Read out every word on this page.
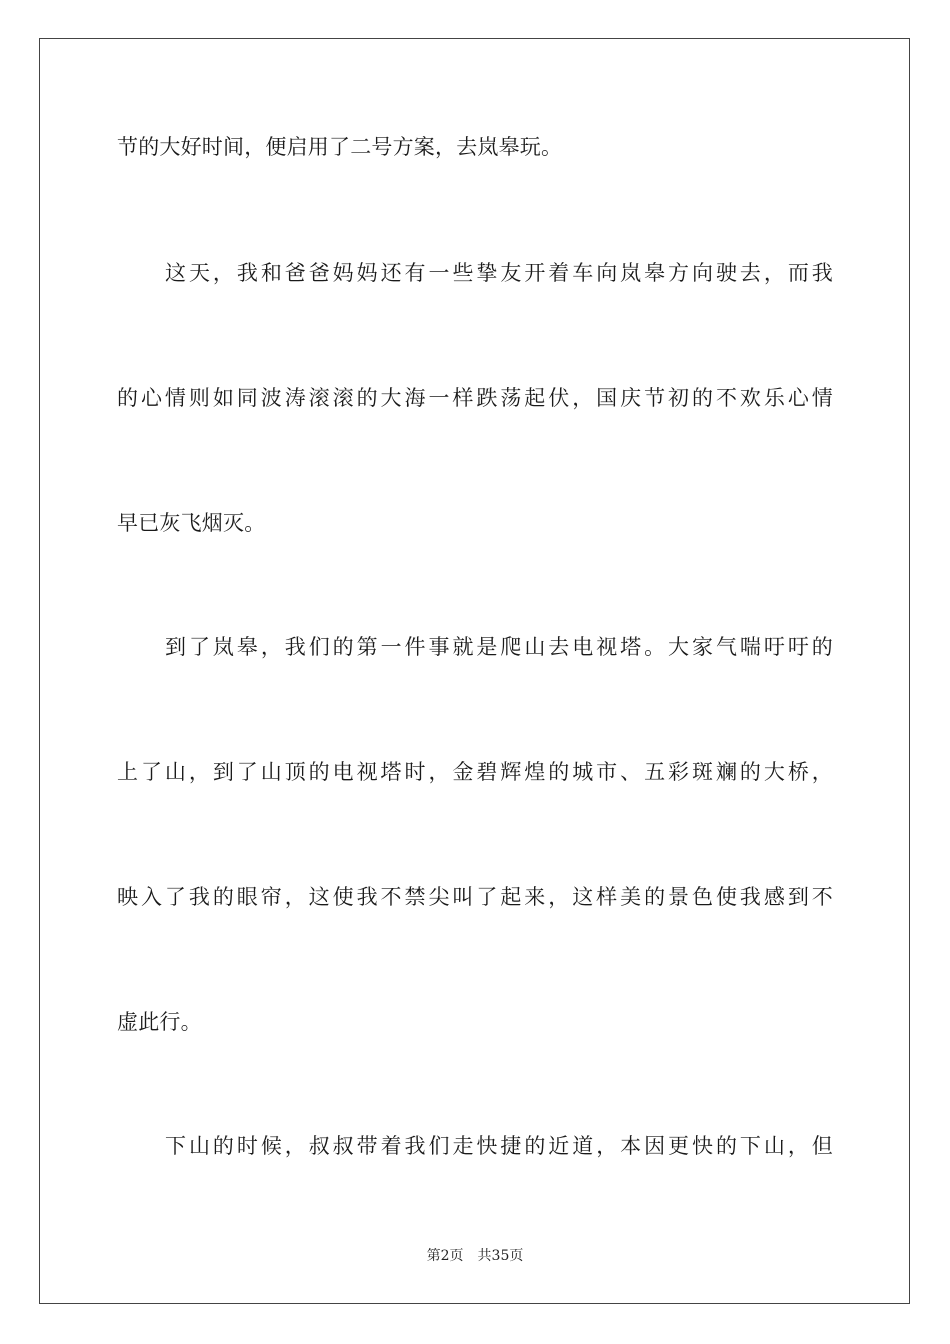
节的大好时间，便启用了二号方案，去岚皋玩。
这天，我和爸爸妈妈还有一些挚友开着车向岚皋方向驶去，而我
的心情则如同波涛滚滚的大海一样跌荡起伏，国庆节初的不欢乐心情
早已灰飞烟灭。
到了岚皋，我们的第一件事就是爬山去电视塔。大家气喘吁吁的
上了山，到了山顶的电视塔时，金碧辉煌的城市、五彩斑斓的大桥，
映入了我的眼帘，这使我不禁尖叫了起来，这样美的景色使我感到不
虚此行。
下山的时候，叔叔带着我们走快捷的近道，本因更快的下山，但
第2页 共35页
